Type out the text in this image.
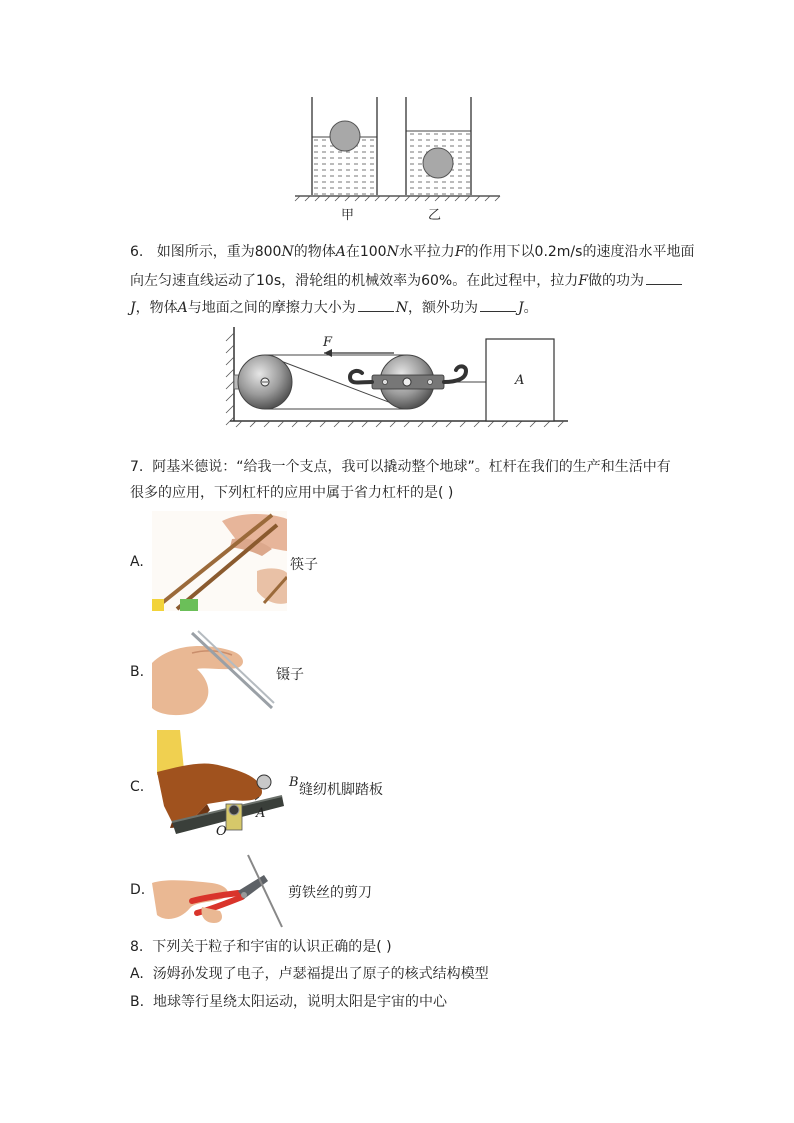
甲	乙
6. 如图所示，重为800N的物体A在100N水平拉力F的作用下以0.2m/s的速度沿水平地面
向左匀速直线运动了10s，滑轮组的机械效率为60%。在此过程中，拉力F做的功为
J，物体A与地面之间的摩擦力大小为	N，额外功为	J。
F
A
7. 阿基米德说：“给我一个支点，我可以撬动整个地球”。杠杆在我们的生产和生活中有
很多的应用，下列杠杆的应用中属于省力杠杆的是( )
A.	筷子
B.	镊子
C.	B
A
O
缝纫机脚踏板
D.	剪铁丝的剪刀
8. 下列关于粒子和宇宙的认识正确的是( )
A. 汤姆孙发现了电子，卢瑟福提出了原子的核式结构模型
B. 地球等行星绕太阳运动，说明太阳是宇宙的中心
